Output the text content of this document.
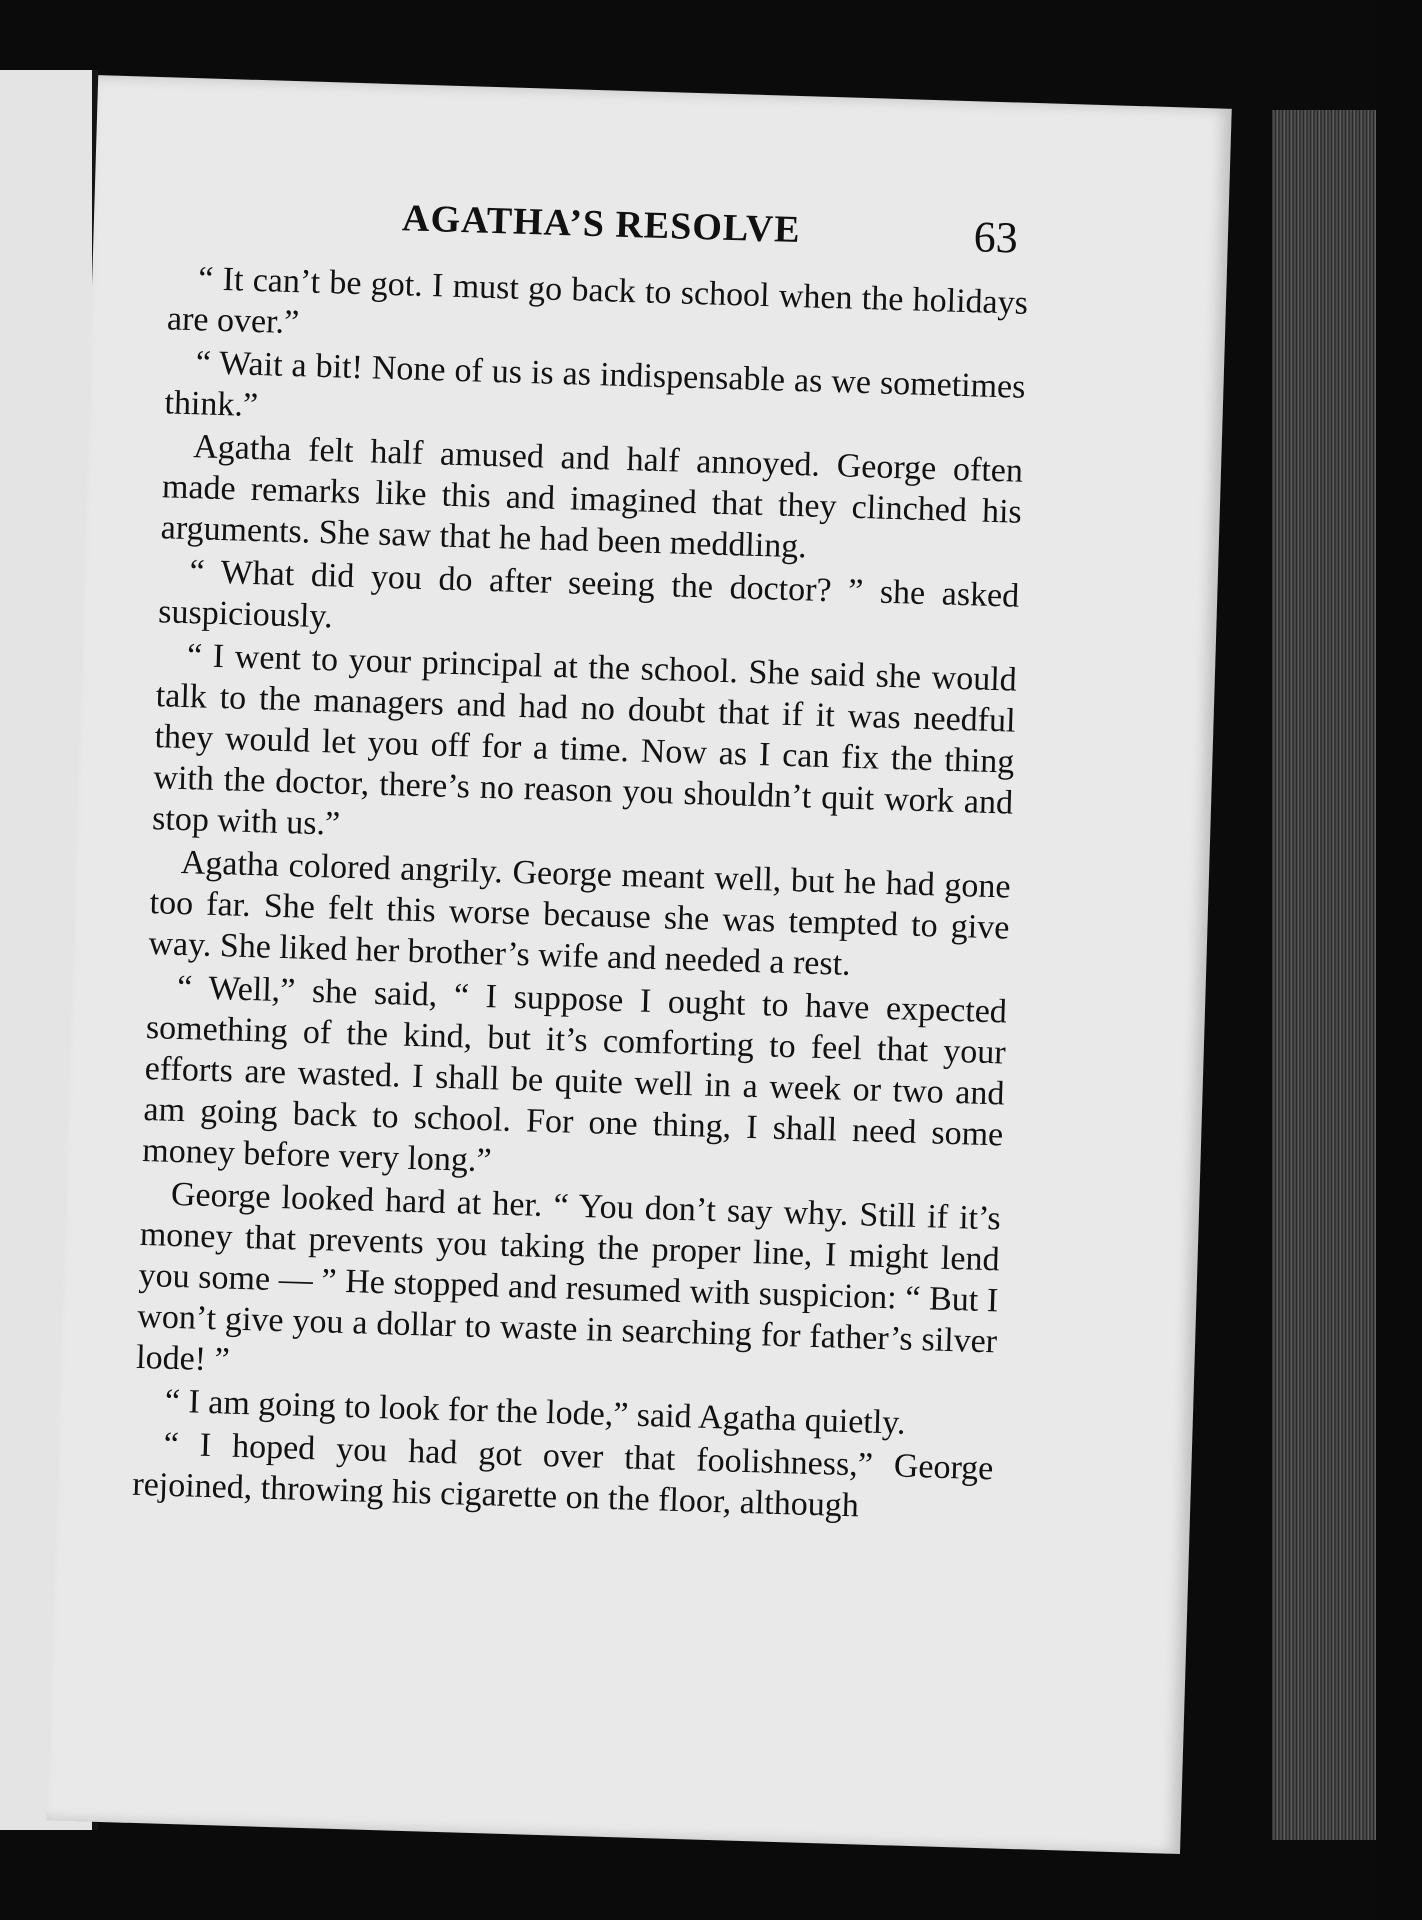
AGATHA’S RESOLVE	63

“ It can’t be got. I must go back to school when the holidays are over.”

“ Wait a bit! None of us is as indispensable as we sometimes think.”

Agatha felt half amused and half annoyed. George often made remarks like this and imagined that they clinched his arguments. She saw that he had been meddling.

“ What did you do after seeing the doctor? ” she asked suspiciously.

“ I went to your principal at the school. She said she would talk to the managers and had no doubt that if it was needful they would let you off for a time. Now as I can fix the thing with the doctor, there’s no reason you shouldn’t quit work and stop with us.”

Agatha colored angrily. George meant well, but he had gone too far. She felt this worse because she was tempted to give way. She liked her brother’s wife and needed a rest.

“ Well,” she said, “ I suppose I ought to have expected something of the kind, but it’s comforting to feel that your efforts are wasted. I shall be quite well in a week or two and am going back to school. For one thing, I shall need some money before very long.”

George looked hard at her. “ You don’t say why. Still if it’s money that prevents you taking the proper line, I might lend you some — ” He stopped and resumed with suspicion: “ But I won’t give you a dollar to waste in searching for father’s silver lode! ”

“ I am going to look for the lode,” said Agatha quietly.

“ I hoped you had got over that foolishness,” George rejoined, throwing his cigarette on the floor, although
